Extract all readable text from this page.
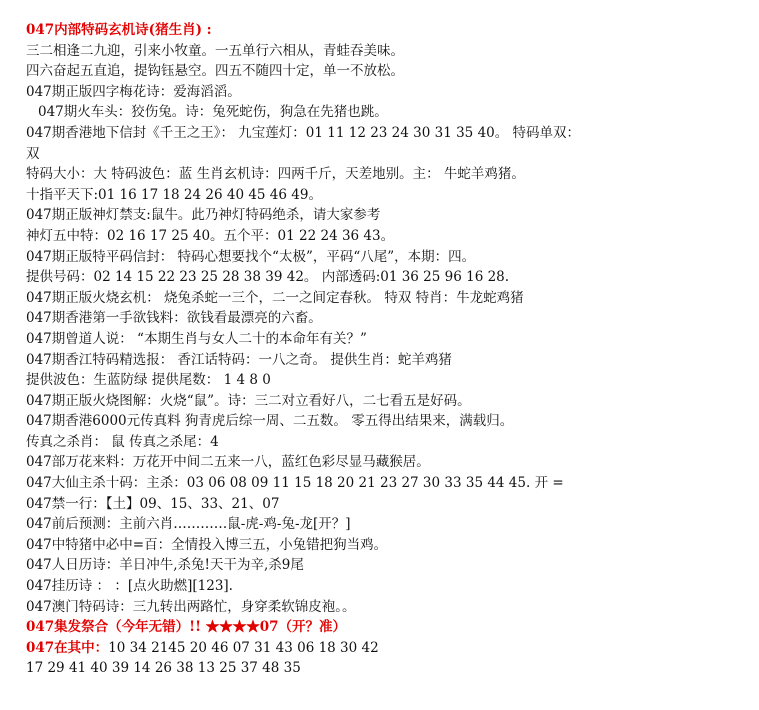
047内部特码玄机诗(猪生肖) :
三二相逢二九迎，引来小牧童。一五单行六相从，青蛙吞美味。
四六奋起五直追，提钩钰悬空。四五不随四十定，单一不放松。
047期正版四字梅花诗：爱海滔滔。
047期火车头：狡伤兔。诗：兔死蛇伤，狗急在先猪也跳。
047期香港地下信封《千王之王》： 九宝莲灯：01 11 12 23 24 30 31 35 40。 特码单双：
双
特码大小：大 特码波色：蓝 生肖玄机诗：四两千斤，天差地别。主： 牛蛇羊鸡猪。
十指平天下:01 16 17 18 24 26 40 45 46 49。
047期正版神灯禁支:鼠牛。此乃神灯特码绝杀，请大家参考
神灯五中特：02 16 17 25 40。五个平：01 22 24 36 43。
047期正版特平码信封： 特码心想要找个“太极”，平码“八尾”，本期：四。
提供号码：02 14 15 22 23 25 28 38 39 42。 内部透码:01 36 25 96 16 28.
047期正版火烧玄机： 烧兔杀蛇一三个，二一之间定春秋。 特双 特肖：牛龙蛇鸡猪
047期香港第一手欲钱料：欲钱看最漂亮的六畜。
047期曾道人说： “本期生肖与女人二十的本命年有关？”
047期香江特码精选报： 香江话特码：一八之奇。 提供生肖：蛇羊鸡猪
提供波色：生蓝防绿 提供尾数： 1 4 8 0
047期正版火烧图解：火烧“鼠”。诗：三二对立看好八，二七看五是好码。
047期香港6000元传真料 狗青虎后综一周、二五数。 零五得出结果来，满载归。
传真之杀肖： 鼠 传真之杀尾：4
047部万花来料：万花开中间二五来一八，蓝红色彩尽显马藏猴居。
047大仙主杀十码：主杀：03 06 08 09 11 15 18 20 21 23 27 30 33 35 44 45. 开 =
047禁一行：【土】09、15、33、21、07
047前后预测：主前六肖…………鼠-虎-鸡-兔-龙[开？]
047中特猪中必中=百：全情投入博三五，小兔错把狗当鸡。
047人日历诗：羊日冲牛,杀兔!天干为辛,杀9尾
047挂历诗 ： ：[点火助燃][123].
047澳门特码诗：三九转出两路忙，身穿柔软锦皮袍。。
047集发祭合（今年无错）!! ★★★★07（开？准）
047在其中：10 34 2145 20 46 07 31 43 06 18 30 42
17 29 41 40 39 14 26 38 13 25 37 48 35
